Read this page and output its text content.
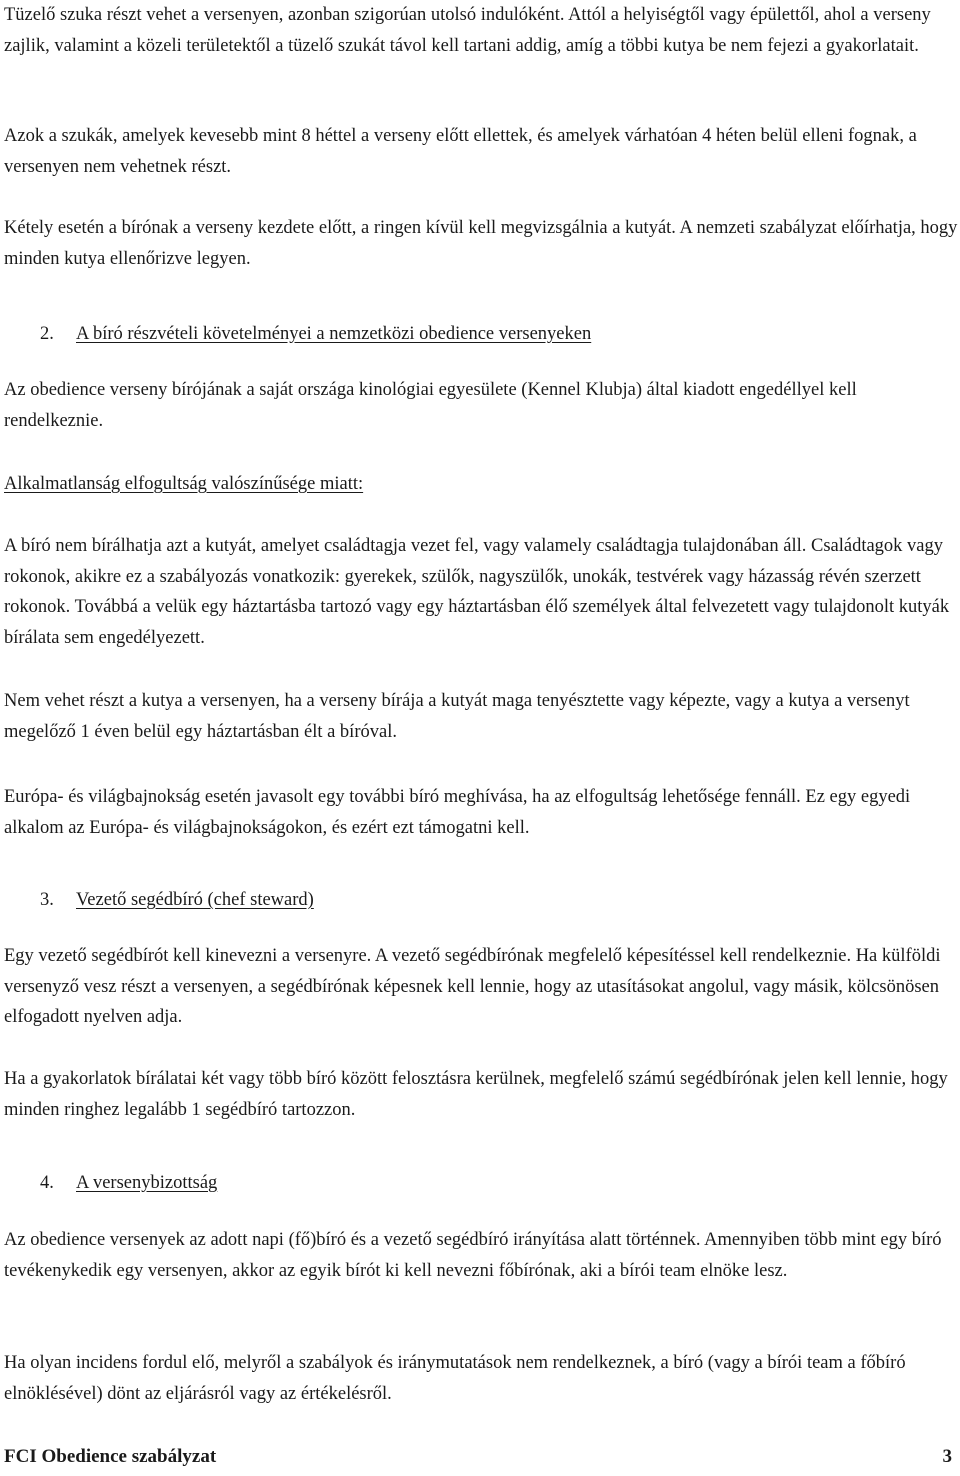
Tüzelő szuka részt vehet a versenyen, azonban szigorúan utolsó indulóként. Attól a helyiségtől vagy épülettől, ahol a verseny zajlik, valamint a közeli területektől a tüzelő szukát távol kell tartani addig, amíg a többi kutya be nem fejezi a gyakorlatait.

Azok a szukák, amelyek kevesebb mint 8 héttel a verseny előtt ellettek, és amelyek várhatóan 4 héten belül elleni fognak, a versenyen nem vehetnek részt.

Kétely esetén a bírónak a verseny kezdete előtt, a ringen kívül kell megvizsgálnia a kutyát. A nemzeti szabályzat előírhatja, hogy minden kutya ellenőrizve legyen.

2. A bíró részvételi követelményei a nemzetközi obedience versenyeken

Az obedience verseny bírójának a saját országa kinológiai egyesülete (Kennel Klubja) által kiadott engedéllyel kell rendelkeznie.

Alkalmatlanság elfogultság valószínűsége miatt:

A bíró nem bírálhatja azt a kutyát, amelyet családtagja vezet fel, vagy valamely családtagja tulajdonában áll. Családtagok vagy rokonok, akikre ez a szabályozás vonatkozik: gyerekek, szülők, nagyszülők, unokák, testvérek vagy házasság révén szerzett rokonok. Továbbá a velük egy háztartásba tartozó vagy egy háztartásban élő személyek által felvezetett vagy tulajdonolt kutyák bírálata sem engedélyezett.

Nem vehet részt a kutya a versenyen, ha a verseny bírája a kutyát maga tenyésztette vagy képezte, vagy a kutya a versenyt megelőző 1 éven belül egy háztartásban élt a bíróval.

Európa- és világbajnokság esetén javasolt egy további bíró meghívása, ha az elfogultság lehetősége fennáll. Ez egy egyedi alkalom az Európa- és világbajnokságokon, és ezért ezt támogatni kell.

3. Vezető segédbíró (chef steward)

Egy vezető segédbírót kell kinevezni a versenyre. A vezető segédbírónak megfelelő képesítéssel kell rendelkeznie. Ha külföldi versenyző vesz részt a versenyen, a segédbírónak képesnek kell lennie, hogy az utasításokat angolul, vagy másik, kölcsönösen elfogadott nyelven adja.

Ha a gyakorlatok bírálatai két vagy több bíró között felosztásra kerülnek, megfelelő számú segédbírónak jelen kell lennie, hogy minden ringhez legalább 1 segédbíró tartozzon.

4. A versenybizottság

Az obedience versenyek az adott napi (fő)bíró és a vezető segédbíró irányítása alatt történnek. Amennyiben több mint egy bíró tevékenykedik egy versenyen, akkor az egyik bírót ki kell nevezni főbírónak, aki a bírói team elnöke lesz.

Ha olyan incidens fordul elő, melyről a szabályok és iránymutatások nem rendelkeznek, a bíró (vagy a bírói team a főbíró elnöklésével) dönt az eljárásról vagy az értékelésről.

FCI Obedience szabályzat	3
